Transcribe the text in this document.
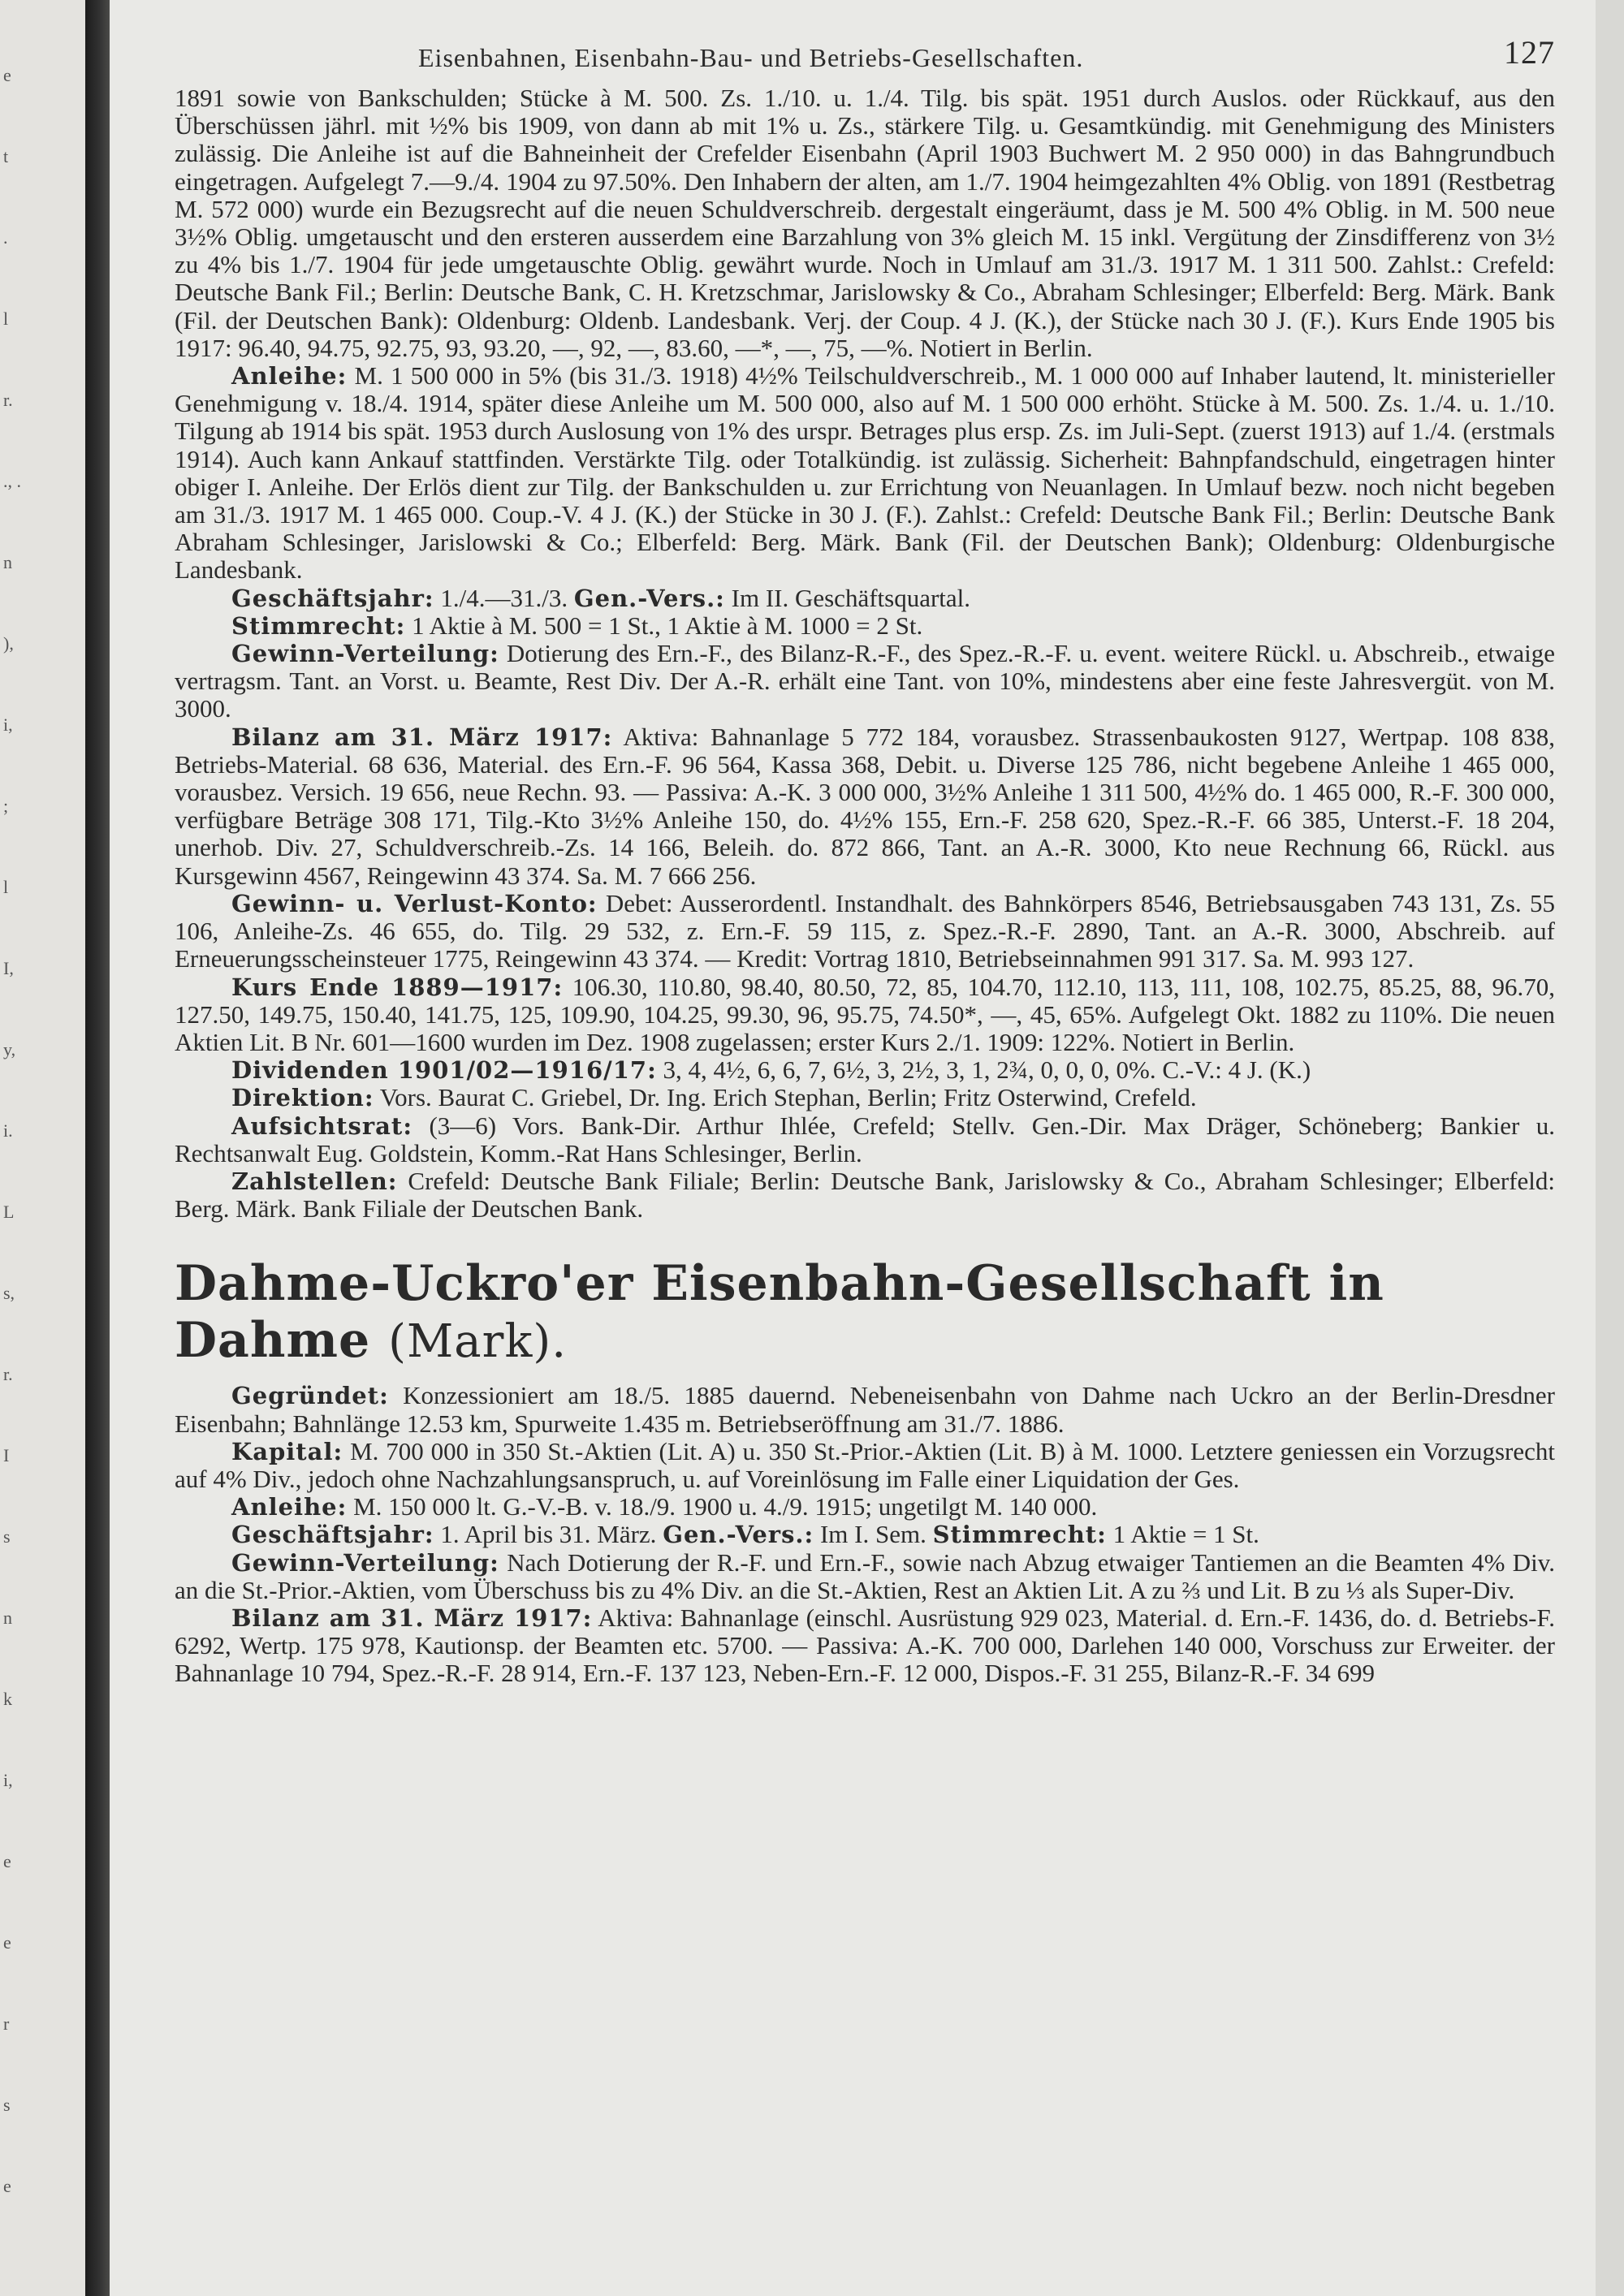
e
t
.
l
r.
., .
n
),
i,
;
l
I,
y,
i.
L
s,
r.
I
s
n
k
i,
e
e
r
s
e
Eisenbahnen, Eisenbahn-Bau- und Betriebs-Gesellschaften.	127

1891 sowie von Bankschulden; Stücke à M. 500. Zs. 1./10. u. 1./4. Tilg. bis spät. 1951 durch Auslos. oder Rückkauf, aus den Überschüssen jährl. mit ½% bis 1909, von dann ab mit 1% u. Zs., stärkere Tilg. u. Gesamtkündig. mit Genehmigung des Ministers zulässig. Die Anleihe ist auf die Bahneinheit der Crefelder Eisenbahn (April 1903 Buchwert M. 2 950 000) in das Bahngrundbuch eingetragen. Aufgelegt 7.—9./4. 1904 zu 97.50%. Den Inhabern der alten, am 1./7. 1904 heimgezahlten 4% Oblig. von 1891 (Restbetrag M. 572 000) wurde ein Bezugsrecht auf die neuen Schuldverschreib. dergestalt eingeräumt, dass je M. 500 4% Oblig. in M. 500 neue 3½% Oblig. umgetauscht und den ersteren ausserdem eine Barzahlung von 3% gleich M. 15 inkl. Vergütung der Zinsdifferenz von 3½ zu 4% bis 1./7. 1904 für jede umgetauschte Oblig. gewährt wurde. Noch in Umlauf am 31./3. 1917 M. 1 311 500. Zahlst.: Crefeld: Deutsche Bank Fil.; Berlin: Deutsche Bank, C. H. Kretzschmar, Jarislowsky & Co., Abraham Schlesinger; Elberfeld: Berg. Märk. Bank (Fil. der Deutschen Bank): Oldenburg: Oldenb. Landesbank. Verj. der Coup. 4 J. (K.), der Stücke nach 30 J. (F.). Kurs Ende 1905 bis 1917: 96.40, 94.75, 92.75, 93, 93.20, —, 92, —, 83.60, —*, —, 75, —%. Notiert in Berlin.

Anleihe: M. 1 500 000 in 5% (bis 31./3. 1918) 4½% Teilschuldverschreib., M. 1 000 000 auf Inhaber lautend, lt. ministerieller Genehmigung v. 18./4. 1914, später diese Anleihe um M. 500 000, also auf M. 1 500 000 erhöht. Stücke à M. 500. Zs. 1./4. u. 1./10. Tilgung ab 1914 bis spät. 1953 durch Auslosung von 1% des urspr. Betrages plus ersp. Zs. im Juli-Sept. (zuerst 1913) auf 1./4. (erstmals 1914). Auch kann Ankauf stattfinden. Verstärkte Tilg. oder Totalkündig. ist zulässig. Sicherheit: Bahnpfandschuld, eingetragen hinter obiger I. Anleihe. Der Erlös dient zur Tilg. der Bankschulden u. zur Errichtung von Neuanlagen. In Umlauf bezw. noch nicht begeben am 31./3. 1917 M. 1 465 000. Coup.-V. 4 J. (K.) der Stücke in 30 J. (F.). Zahlst.: Crefeld: Deutsche Bank Fil.; Berlin: Deutsche Bank Abraham Schlesinger, Jarislowski & Co.; Elberfeld: Berg. Märk. Bank (Fil. der Deutschen Bank); Oldenburg: Oldenburgische Landesbank.

Geschäftsjahr: 1./4.—31./3. Gen.-Vers.: Im II. Geschäftsquartal.

Stimmrecht: 1 Aktie à M. 500 = 1 St., 1 Aktie à M. 1000 = 2 St.

Gewinn-Verteilung: Dotierung des Ern.-F., des Bilanz-R.-F., des Spez.-R.-F. u. event. weitere Rückl. u. Abschreib., etwaige vertragsm. Tant. an Vorst. u. Beamte, Rest Div. Der A.-R. erhält eine Tant. von 10%, mindestens aber eine feste Jahresvergüt. von M. 3000.

Bilanz am 31. März 1917: Aktiva: Bahnanlage 5 772 184, vorausbez. Strassenbaukosten 9127, Wertpap. 108 838, Betriebs-Material. 68 636, Material. des Ern.-F. 96 564, Kassa 368, Debit. u. Diverse 125 786, nicht begebene Anleihe 1 465 000, vorausbez. Versich. 19 656, neue Rechn. 93. — Passiva: A.-K. 3 000 000, 3½% Anleihe 1 311 500, 4½% do. 1 465 000, R.-F. 300 000, verfügbare Beträge 308 171, Tilg.-Kto 3½% Anleihe 150, do. 4½% 155, Ern.-F. 258 620, Spez.-R.-F. 66 385, Unterst.-F. 18 204, unerhob. Div. 27, Schuldverschreib.-Zs. 14 166, Beleih. do. 872 866, Tant. an A.-R. 3000, Kto neue Rechnung 66, Rückl. aus Kursgewinn 4567, Reingewinn 43 374. Sa. M. 7 666 256.

Gewinn- u. Verlust-Konto: Debet: Ausserordentl. Instandhalt. des Bahnkörpers 8546, Betriebsausgaben 743 131, Zs. 55 106, Anleihe-Zs. 46 655, do. Tilg. 29 532, z. Ern.-F. 59 115, z. Spez.-R.-F. 2890, Tant. an A.-R. 3000, Abschreib. auf Erneuerungsscheinsteuer 1775, Reingewinn 43 374. — Kredit: Vortrag 1810, Betriebseinnahmen 991 317. Sa. M. 993 127.

Kurs Ende 1889—1917: 106.30, 110.80, 98.40, 80.50, 72, 85, 104.70, 112.10, 113, 111, 108, 102.75, 85.25, 88, 96.70, 127.50, 149.75, 150.40, 141.75, 125, 109.90, 104.25, 99.30, 96, 95.75, 74.50*, —, 45, 65%. Aufgelegt Okt. 1882 zu 110%. Die neuen Aktien Lit. B Nr. 601—1600 wurden im Dez. 1908 zugelassen; erster Kurs 2./1. 1909: 122%. Notiert in Berlin.

Dividenden 1901/02—1916/17: 3, 4, 4½, 6, 6, 7, 6½, 3, 2½, 3, 1, 2¾, 0, 0, 0, 0%. C.-V.: 4 J. (K.)

Direktion: Vors. Baurat C. Griebel, Dr. Ing. Erich Stephan, Berlin; Fritz Osterwind, Crefeld.

Aufsichtsrat: (3—6) Vors. Bank-Dir. Arthur Ihlée, Crefeld; Stellv. Gen.-Dir. Max Dräger, Schöneberg; Bankier u. Rechtsanwalt Eug. Goldstein, Komm.-Rat Hans Schlesinger, Berlin.

Zahlstellen: Crefeld: Deutsche Bank Filiale; Berlin: Deutsche Bank, Jarislowsky & Co., Abraham Schlesinger; Elberfeld: Berg. Märk. Bank Filiale der Deutschen Bank.

Dahme-Uckro'er Eisenbahn-Gesellschaft in Dahme (Mark).

Gegründet: Konzessioniert am 18./5. 1885 dauernd. Nebeneisenbahn von Dahme nach Uckro an der Berlin-Dresdner Eisenbahn; Bahnlänge 12.53 km, Spurweite 1.435 m. Betriebseröffnung am 31./7. 1886.

Kapital: M. 700 000 in 350 St.-Aktien (Lit. A) u. 350 St.-Prior.-Aktien (Lit. B) à M. 1000. Letztere geniessen ein Vorzugsrecht auf 4% Div., jedoch ohne Nachzahlungsanspruch, u. auf Voreinlösung im Falle einer Liquidation der Ges.

Anleihe: M. 150 000 lt. G.-V.-B. v. 18./9. 1900 u. 4./9. 1915; ungetilgt M. 140 000.

Geschäftsjahr: 1. April bis 31. März. Gen.-Vers.: Im I. Sem. Stimmrecht: 1 Aktie = 1 St.

Gewinn-Verteilung: Nach Dotierung der R.-F. und Ern.-F., sowie nach Abzug etwaiger Tantiemen an die Beamten 4% Div. an die St.-Prior.-Aktien, vom Überschuss bis zu 4% Div. an die St.-Aktien, Rest an Aktien Lit. A zu ⅔ und Lit. B zu ⅓ als Super-Div.

Bilanz am 31. März 1917: Aktiva: Bahnanlage (einschl. Ausrüstung 929 023, Material. d. Ern.-F. 1436, do. d. Betriebs-F. 6292, Wertp. 175 978, Kautionsp. der Beamten etc. 5700. — Passiva: A.-K. 700 000, Darlehen 140 000, Vorschuss zur Erweiter. der Bahnanlage 10 794, Spez.-R.-F. 28 914, Ern.-F. 137 123, Neben-Ern.-F. 12 000, Dispos.-F. 31 255, Bilanz-R.-F. 34 699
